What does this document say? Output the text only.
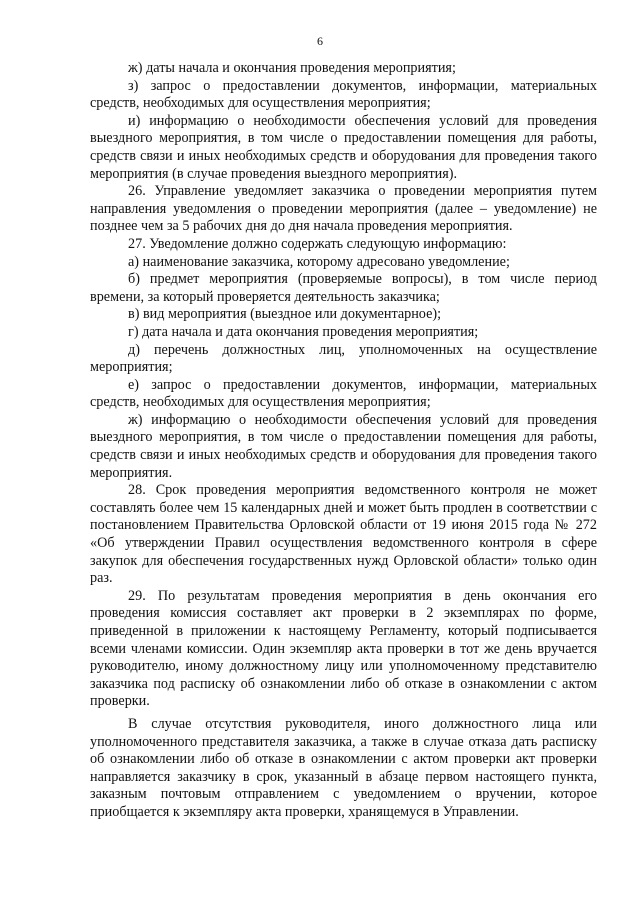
6

ж) даты начала и окончания проведения мероприятия;

з) запрос о предоставлении документов, информации, материальных средств, необходимых для осуществления мероприятия;

и) информацию о необходимости обеспечения условий для проведения выездного мероприятия, в том числе о предоставлении помещения для работы, средств связи и иных необходимых средств и оборудования для проведения такого мероприятия (в случае проведения выездного мероприятия).

26. Управление уведомляет заказчика о проведении мероприятия путем направления уведомления о проведении мероприятия (далее – уведомление) не позднее чем за 5 рабочих дня до дня начала проведения мероприятия.

27. Уведомление должно содержать следующую информацию:

а) наименование заказчика, которому адресовано уведомление;

б) предмет мероприятия (проверяемые вопросы), в том числе период времени, за который проверяется деятельность заказчика;

в) вид мероприятия (выездное или документарное);

г) дата начала и дата окончания проведения мероприятия;

д) перечень должностных лиц, уполномоченных на осуществление мероприятия;

е) запрос о предоставлении документов, информации, материальных средств, необходимых для осуществления мероприятия;

ж) информацию о необходимости обеспечения условий для проведения выездного мероприятия, в том числе о предоставлении помещения для работы, средств связи и иных необходимых средств и оборудования для проведения такого мероприятия.

28. Срок проведения мероприятия ведомственного контроля не может составлять более чем 15 календарных дней и может быть продлен в соответствии с постановлением Правительства Орловской области от 19 июня 2015 года № 272 «Об утверждении Правил осуществления ведомственного контроля в сфере закупок для обеспечения государственных нужд Орловской области» только один раз.

29. По результатам проведения мероприятия в день окончания его проведения комиссия составляет акт проверки в 2 экземплярах по форме, приведенной в приложении к настоящему Регламенту, который подписывается всеми членами комиссии. Один экземпляр акта проверки в тот же день вручается руководителю, иному должностному лицу или уполномоченному представителю заказчика под расписку об ознакомлении либо об отказе в ознакомлении с актом проверки.

В случае отсутствия руководителя, иного должностного лица или уполномоченного представителя заказчика, а также в случае отказа дать расписку об ознакомлении либо об отказе в ознакомлении с актом проверки акт проверки направляется заказчику в срок, указанный в абзаце первом настоящего пункта, заказным почтовым отправлением с уведомлением о вручении, которое приобщается к экземпляру акта проверки, хранящемуся в Управлении.
